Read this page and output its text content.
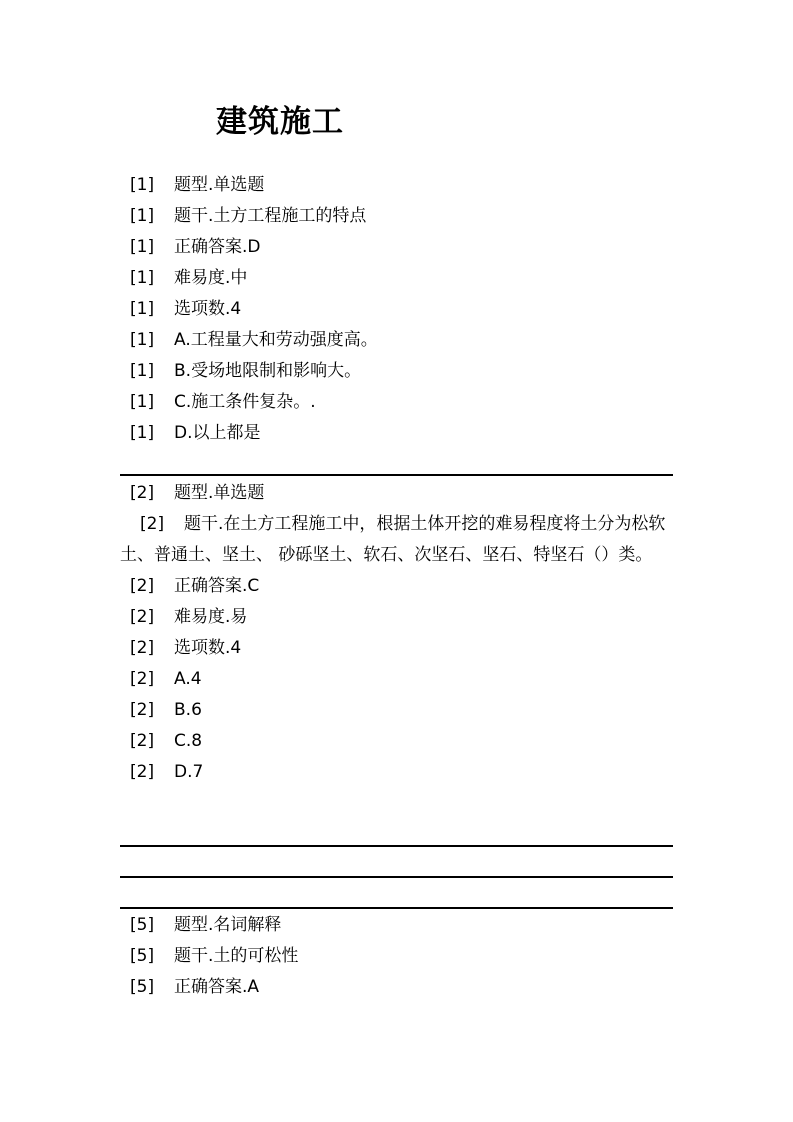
建筑施工
[1]	题型.单选题
[1]	题干.土方工程施工的特点
[1]	正确答案.D
[1]	难易度.中
[1]	选项数.4
[1]	A.工程量大和劳动强度高。
[1]	B.受场地限制和影响大。
[1]	C.施工条件复杂。.
[1]	D.以上都是
[2]	题型.单选题
[2] 题干.在土方工程施工中，根据土体开挖的难易程度将土分为松软土、普通土、坚土、 砂砾坚土、软石、次坚石、坚石、特坚石（）类。
[2]	正确答案.C
[2]	难易度.易
[2]	选项数.4
[2]	A.4
[2]	B.6
[2]	C.8
[2]	D.7
[5]	题型.名词解释
[5]	题干.土的可松性
[5]	正确答案.A
